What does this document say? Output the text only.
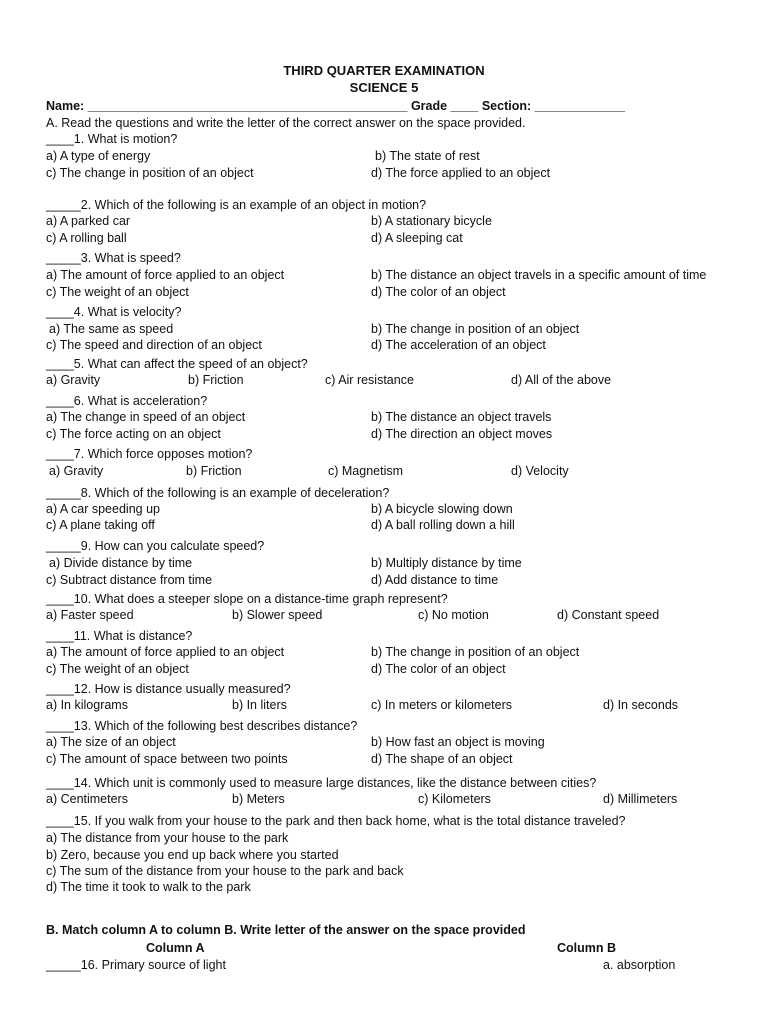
THIRD QUARTER EXAMINATION
SCIENCE 5
Name: ______________________________________________ Grade ____ Section: _____________
A. Read the questions and write the letter of the correct answer on the space provided.
____1. What is motion?
a) A type of energy	b) The state of rest
c) The change in position of an object	d) The force applied to an object
_____2. Which of the following is an example of an object in motion?
a) A parked car	b) A stationary bicycle
c) A rolling ball	d) A sleeping cat
_____3. What is speed?
a) The amount of force applied to an object	b) The distance an object travels in a specific amount of time
c) The weight of an object	d) The color of an object
____4. What is velocity?
a) The same as speed	b) The change in position of an object
c) The speed and direction of an object	d) The acceleration of an object
____5. What can affect the speed of an object?
a) Gravity	b) Friction	c) Air resistance	d) All of the above
____6. What is acceleration?
a) The change in speed of an object	b) The distance an object travels
c) The force acting on an object	d) The direction an object moves
____7. Which force opposes motion?
a) Gravity	b) Friction	c) Magnetism	d) Velocity
_____8. Which of the following is an example of deceleration?
a) A car speeding up	b) A bicycle slowing down
c) A plane taking off	d) A ball rolling down a hill
_____9. How can you calculate speed?
a) Divide distance by time	b) Multiply distance by time
c) Subtract distance from time	d) Add distance to time
____10. What does a steeper slope on a distance-time graph represent?
a) Faster speed	b) Slower speed	c) No motion	d) Constant speed
____11. What is distance?
a) The amount of force applied to an object	b) The change in position of an object
c) The weight of an object	d) The color of an object
____12. How is distance usually measured?
a) In kilograms	b) In liters	c) In meters or kilometers	d) In seconds
____13. Which of the following best describes distance?
a) The size of an object	b) How fast an object is moving
c) The amount of space between two points	d) The shape of an object
____14. Which unit is commonly used to measure large distances, like the distance between cities?
a) Centimeters	b) Meters	c) Kilometers	d) Millimeters
____15. If you walk from your house to the park and then back home, what is the total distance traveled?
a) The distance from your house to the park
b) Zero, because you end up back where you started
c) The sum of the distance from your house to the park and back
d) The time it took to walk to the park
B. Match column A to column B. Write letter of the answer on the space provided
Column A	Column B
_____16. Primary source of light	a. absorption
